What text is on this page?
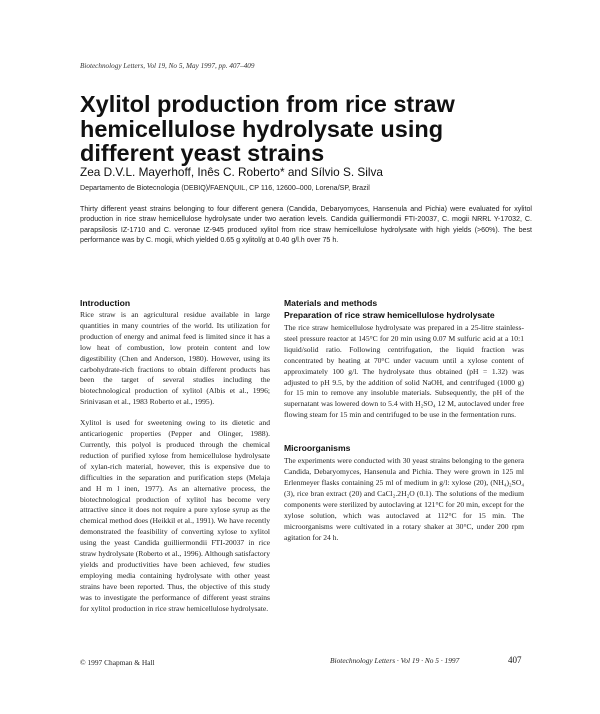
Biotechnology Letters, Vol 19, No 5, May 1997, pp. 407–409
Xylitol production from rice straw hemicellulose hydrolysate using different yeast strains
Zea D.V.L. Mayerhoff, Inês C. Roberto* and Sílvio S. Silva
Departamento de Biotecnologia (DEBIQ)/FAENQUIL, CP 116, 12600–000, Lorena/SP, Brazil

Thirty different yeast strains belonging to four different genera (Candida, Debaryomyces, Hansenula and Pichia) were evaluated for xylitol production in rice straw hemicellulose hydrolysate under two aeration levels. Candida guilliermondii FTI-20037, C. mogii NRRL Y-17032, C. parapsilosis IZ-1710 and C. veronae IZ-945 produced xylitol from rice straw hemicellulose hydrolysate with high yields (>60%). The best performance was by C. mogii, which yielded 0.65 g xylitol/g at 0.40 g/l.h over 75 h.

Introduction

Rice straw is an agricultural residue available in large quantities in many countries of the world. Its utilization for production of energy and animal feed is limited since it has a low heat of combustion, low protein content and low digestibility (Chen and Anderson, 1980). However, using its carbohydrate-rich fractions to obtain different products has been the target of several studies including the biotechnological production of xylitol (Albis et al., 1996; Srinivasan et al., 1983 Roberto et al., 1995).

Xylitol is used for sweetening owing to its dietetic and anticariogenic properties (Pepper and Olinger, 1988). Currently, this polyol is produced through the chemical reduction of purified xylose from hemicellulose hydrolysate of xylan-rich material, however, this is expensive due to difficulties in the separation and purification steps (Melaja and H m l inen, 1977). As an alternative process, the biotechnological production of xylitol has become very attractive since it does not require a pure xylose syrup as the chemical method does (Heikkil et al., 1991). We have recently demonstrated the feasibility of converting xylose to xylitol using the yeast Candida guilliermondii FTI-20037 in rice straw hydrolysate (Roberto et al., 1996). Although satisfactory yields and productivities have been achieved, few studies employing media containing hydrolysate with other yeast strains have been reported. Thus, the objective of this study was to investigate the performance of different yeast strains for xylitol production in rice straw hemicellulose hydrolysate.

Materials and methods
Preparation of rice straw hemicellulose hydrolysate

The rice straw hemicellulose hydrolysate was prepared in a 25-litre stainless-steel pressure reactor at 145°C for 20 min using 0.07 M sulfuric acid at a 10:1 liquid/solid ratio. Following centrifugation, the liquid fraction was concentrated by heating at 70°C under vacuum until a xylose content of approximately 100 g/l. The hydrolysate thus obtained (pH = 1.32) was adjusted to pH 9.5, by the addition of solid NaOH, and centrifuged (1000 g) for 15 min to remove any insoluble materials. Subsequently, the pH of the supernatant was lowered down to 5.4 with H₂SO₄ 12 M, autoclaved under free flowing steam for 15 min and centrifuged to be use in the fermentation runs.

Microorganisms

The experiments were conducted with 30 yeast strains belonging to the genera Candida, Debaryomyces, Hansenula and Pichia. They were grown in 125 ml Erlenmeyer flasks containing 25 ml of medium in g/l: xylose (20), (NH₄)₂SO₄ (3), rice bran extract (20) and CaCl₂.2H₂O (0.1). The solutions of the medium components were sterilized by autoclaving at 121°C for 20 min, except for the xylose solution, which was autoclaved at 112°C for 15 min. The microorganisms were cultivated in a rotary shaker at 30°C, under 200 rpm agitation for 24 h.

© 1997 Chapman & Hall	Biotechnology Letters · Vol 19 · No 5 · 1997	407
